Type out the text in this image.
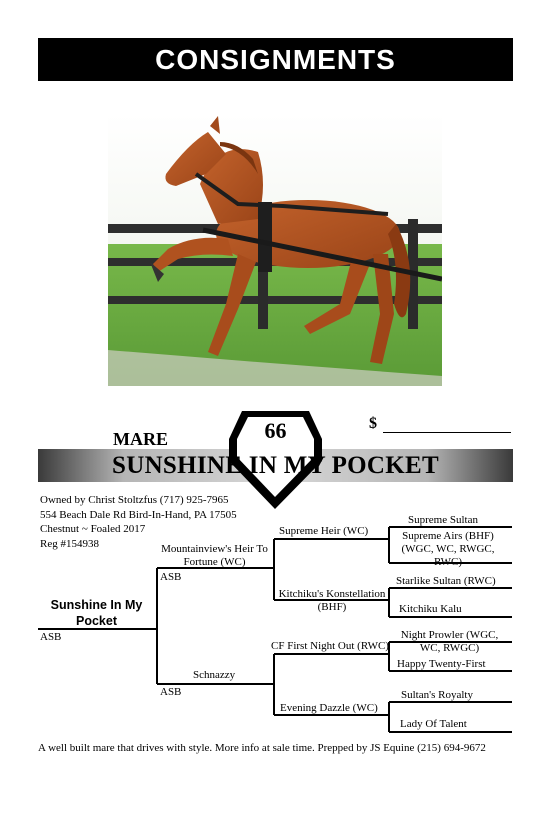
CONSIGNMENTS
66
MARE
$
SUNSHINE IN MY POCKET
Owned by Christ Stoltzfus (717) 925-7965
554 Beach Dale Rd Bird-In-Hand, PA 17505
Chestnut ~ Foaled 2017
Reg #154938
Sunshine In My Pocket
ASB
Mountainview's Heir To Fortune (WC)
ASB
Schnazzy
ASB
Supreme Heir (WC)
Kitchiku's Konstellation (BHF)
CF First Night Out (RWC)
Evening Dazzle (WC)
Supreme Sultan
Supreme Airs (BHF) (WGC, WC, RWGC, RWC)
Starlike Sultan (RWC)
Kitchiku Kalu
Night Prowler (WGC, WC, RWGC)
Happy Twenty-First
Sultan's Royalty
Lady Of Talent
A well built mare that drives with style. More info at sale time. Prepped by JS Equine (215) 694-9672
